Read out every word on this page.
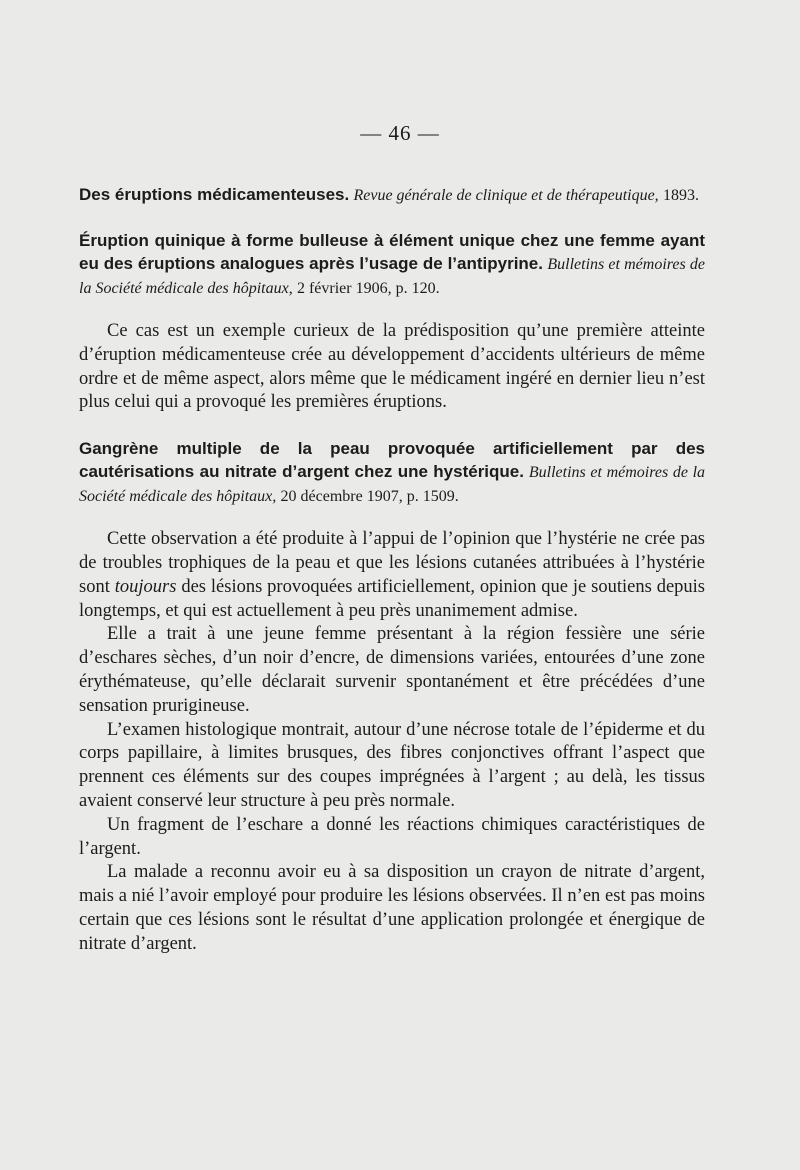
— 46 —
Des éruptions médicamenteuses. Revue générale de clinique et de thérapeutique, 1893.
Éruption quinique à forme bulleuse à élément unique chez une femme ayant eu des éruptions analogues après l’usage de l’antipyrine. Bulletins et mémoires de la Société médicale des hôpitaux, 2 février 1906, p. 120.

Ce cas est un exemple curieux de la prédisposition qu’une première atteinte d’éruption médicamenteuse crée au développement d’accidents ultérieurs de même ordre et de même aspect, alors même que le médicament ingéré en dernier lieu n’est plus celui qui a provoqué les premières éruptions.

Gangrène multiple de la peau provoquée artificiellement par des cautérisations au nitrate d’argent chez une hystérique. Bulletins et mémoires de la Société médicale des hôpitaux, 20 décembre 1907, p. 1509.

Cette observation a été produite à l’appui de l’opinion que l’hystérie ne crée pas de troubles trophiques de la peau et que les lésions cutanées attribuées à l’hystérie sont toujours des lésions provoquées artificiellement, opinion que je soutiens depuis longtemps, et qui est actuellement à peu près unanimement admise.

Elle a trait à une jeune femme présentant à la région fessière une série d’eschares sèches, d’un noir d’encre, de dimensions variées, entourées d’une zone érythémateuse, qu’elle déclarait survenir spontanément et être précédées d’une sensation prurigineuse.

L’examen histologique montrait, autour d’une nécrose totale de l’épiderme et du corps papillaire, à limites brusques, des fibres conjonctives offrant l’aspect que prennent ces éléments sur des coupes imprégnées à l’argent ; au delà, les tissus avaient conservé leur structure à peu près normale.

Un fragment de l’eschare a donné les réactions chimiques caractéristiques de l’argent.

La malade a reconnu avoir eu à sa disposition un crayon de nitrate d’argent, mais a nié l’avoir employé pour produire les lésions observées. Il n’en est pas moins certain que ces lésions sont le résultat d’une application prolongée et énergique de nitrate d’argent.
